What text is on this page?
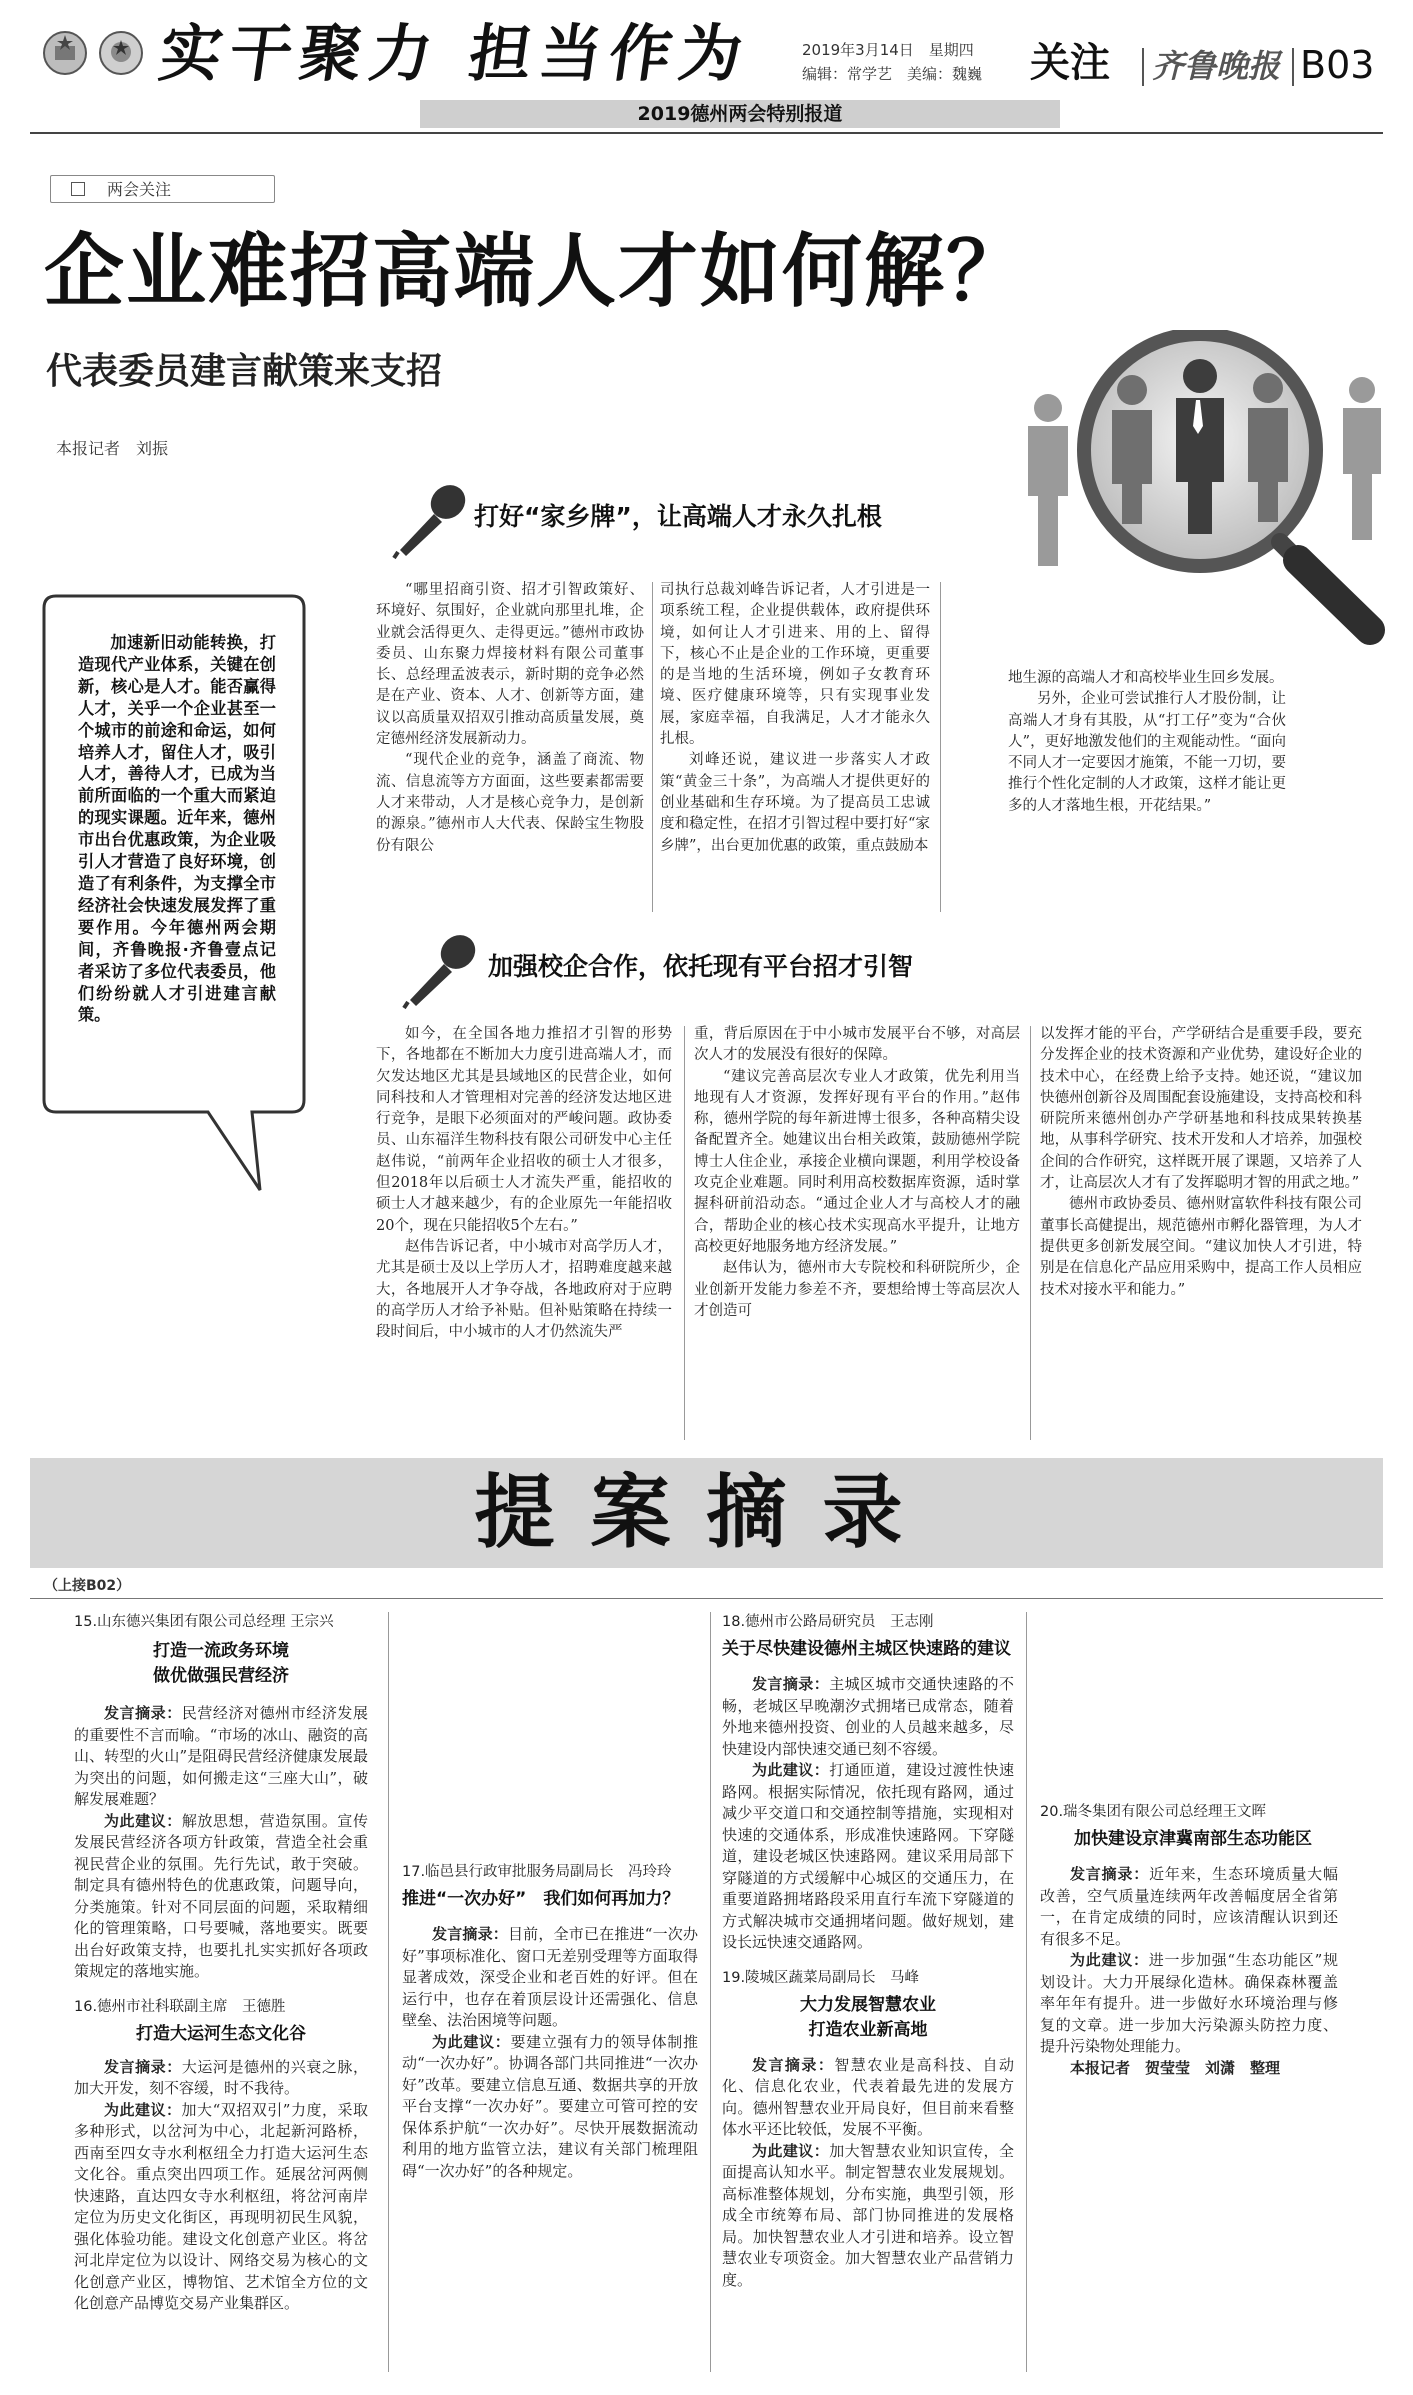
实干聚力 担当作为
2019德州两会特别报道
2019年3月14日　星期四
编辑：常学艺　美编：魏巍 关注 齐鲁晚报 B03
两会关注
企业难招高端人才如何解？
代表委员建言献策来支招
本报记者　刘振
加速新旧动能转换，打造现代产业体系，关键在创新，核心是人才。能否赢得人才，关乎一个企业甚至一个城市的前途和命运，如何培养人才，留住人才，吸引人才，善待人才，已成为当前所面临的一个重大而紧迫的现实课题。近年来，德州市出台优惠政策，为企业吸引人才营造了良好环境，创造了有利条件，为支撑全市经济社会快速发展发挥了重要作用。今年德州两会期间，齐鲁晚报·齐鲁壹点记者采访了多位代表委员，他们纷纷就人才引进建言献策。
打好“家乡牌”，让高端人才永久扎根

“哪里招商引资、招才引智政策好、环境好、氛围好，企业就向那里扎堆，企业就会活得更久、走得更远。”德州市政协委员、山东聚力焊接材料有限公司董事长、总经理孟波表示，新时期的竞争必然是在产业、资本、人才、创新等方面，建议以高质量双招双引推动高质量发展，奠定德州经济发展新动力。

“现代企业的竞争，涵盖了商流、物流、信息流等方方面面，这些要素都需要人才来带动，人才是核心竞争力，是创新的源泉。”德州市人大代表、保龄宝生物股份有限公

司执行总裁刘峰告诉记者，人才引进是一项系统工程，企业提供载体，政府提供环境，如何让人才引进来、用的上、留得下，核心不止是企业的工作环境，更重要的是当地的生活环境，例如子女教育环境、医疗健康环境等，只有实现事业发展，家庭幸福，自我满足，人才才能永久扎根。

刘峰还说，建议进一步落实人才政策“黄金三十条”，为高端人才提供更好的创业基础和生存环境。为了提高员工忠诚度和稳定性，在招才引智过程中要打好“家乡牌”，出台更加优惠的政策，重点鼓励本

地生源的高端人才和高校毕业生回乡发展。

另外，企业可尝试推行人才股份制，让高端人才身有其股，从“打工仔”变为“合伙人”，更好地激发他们的主观能动性。“面向不同人才一定要因才施策，不能一刀切，要推行个性化定制的人才政策，这样才能让更多的人才落地生根，开花结果。”

加强校企合作，依托现有平台招才引智

如今，在全国各地力推招才引智的形势下，各地都在不断加大力度引进高端人才，而欠发达地区尤其是县域地区的民营企业，如何同科技和人才管理相对完善的经济发达地区进行竞争，是眼下必须面对的严峻问题。政协委员、山东福洋生物科技有限公司研发中心主任赵伟说，“前两年企业招收的硕士人才很多，但2018年以后硕士人才流失严重，能招收的硕士人才越来越少，有的企业原先一年能招收20个，现在只能招收5个左右。”

赵伟告诉记者，中小城市对高学历人才，尤其是硕士及以上学历人才，招聘难度越来越大，各地展开人才争夺战，各地政府对于应聘的高学历人才给予补贴。但补贴策略在持续一段时间后，中小城市的人才仍然流失严

重，背后原因在于中小城市发展平台不够，对高层次人才的发展没有很好的保障。

“建议完善高层次专业人才政策，优先利用当地现有人才资源，发挥好现有平台的作用。”赵伟称，德州学院的每年新进博士很多，各种高精尖设备配置齐全。她建议出台相关政策，鼓励德州学院博士人住企业，承接企业横向课题，利用学校设备攻克企业难题。同时利用高校数据库资源，适时掌握科研前沿动态。“通过企业人才与高校人才的融合，帮助企业的核心技术实现高水平提升，让地方高校更好地服务地方经济发展。”

赵伟认为，德州市大专院校和科研院所少，企业创新开发能力参差不齐，要想给博士等高层次人才创造可

以发挥才能的平台，产学研结合是重要手段，要充分发挥企业的技术资源和产业优势，建设好企业的技术中心，在经费上给予支持。她还说，“建议加快德州创新谷及周围配套设施建设，支持高校和科研院所来德州创办产学研基地和科技成果转换基地，从事科学研究、技术开发和人才培养，加强校企间的合作研究，这样既开展了课题，又培养了人才，让高层次人才有了发挥聪明才智的用武之地。”

德州市政协委员、德州财富软件科技有限公司董事长高健提出，规范德州市孵化器管理，为人才提供更多创新发展空间。“建议加快人才引进，特别是在信息化产品应用采购中，提高工作人员相应技术对接水平和能力。”

提案摘录
（上接B02）
15.山东德兴集团有限公司总经理 王宗兴
打造一流政务环境
做优做强民营经济

发言摘录：民营经济对德州市经济发展的重要性不言而喻。“市场的冰山、融资的高山、转型的火山”是阻碍民营经济健康发展最为突出的问题，如何搬走这“三座大山”，破解发展难题？

为此建议：解放思想，营造氛围。宣传发展民营经济各项方针政策，营造全社会重视民营企业的氛围。先行先试，敢于突破。制定具有德州特色的优惠政策，问题导向，分类施策。针对不同层面的问题，采取精细化的管理策略，口号要喊，落地要实。既要出台好政策支持，也要扎扎实实抓好各项政策规定的落地实施。

16.德州市社科联副主席　王德胜
打造大运河生态文化谷

发言摘录：大运河是德州的兴衰之脉，加大开发，刻不容缓，时不我待。

为此建议：加大“双招双引”力度，采取多种形式，以岔河为中心，北起新河路桥，西南至四女寺水利枢纽全力打造大运河生态文化谷。重点突出四项工作。延展岔河两侧快速路，直达四女寺水利枢纽，将岔河南岸定位为历史文化街区，再现明初民生风貌，强化体验功能。建设文化创意产业区。将岔河北岸定位为以设计、网络交易为核心的文化创意产业区，博物馆、艺术馆全方位的文化创意产品博览交易产业集群区。

17.临邑县行政审批服务局副局长　冯玲玲
推进“一次办好”　我们如何再加力？

发言摘录：目前，全市已在推进“一次办好”事项标准化、窗口无差别受理等方面取得显著成效，深受企业和老百姓的好评。但在运行中，也存在着顶层设计还需强化、信息壁垒、法治困境等问题。

为此建议：要建立强有力的领导体制推动“一次办好”。协调各部门共同推进“一次办好”改革。要建立信息互通、数据共享的开放平台支撑“一次办好”。要建立可管可控的安保体系护航“一次办好”。尽快开展数据流动利用的地方监管立法，建议有关部门梳理阻碍“一次办好”的各种规定。

18.德州市公路局研究员　王志刚
关于尽快建设德州主城区快速路的建议

发言摘录：主城区城市交通快速路的不畅，老城区早晚潮汐式拥堵已成常态，随着外地来德州投资、创业的人员越来越多，尽快建设内部快速交通已刻不容缓。

为此建议：打通匝道，建设过渡性快速路网。根据实际情况，依托现有路网，通过减少平交道口和交通控制等措施，实现相对快速的交通体系，形成准快速路网。下穿隧道，建设老城区快速路网。建议采用局部下穿隧道的方式缓解中心城区的交通压力，在重要道路拥堵路段采用直行车流下穿隧道的方式解决城市交通拥堵问题。做好规划，建设长远快速交通路网。

19.陵城区蔬菜局副局长　马峰
大力发展智慧农业
打造农业新高地

发言摘录：智慧农业是高科技、自动化、信息化农业，代表着最先进的发展方向。德州智慧农业开局良好，但目前来看整体水平还比较低，发展不平衡。

为此建议：加大智慧农业知识宣传，全面提高认知水平。制定智慧农业发展规划。高标准整体规划，分布实施，典型引领，形成全市统筹布局、部门协同推进的发展格局。加快智慧农业人才引进和培养。设立智慧农业专项资金。加大智慧农业产品营销力度。

20.瑞冬集团有限公司总经理王文晖
加快建设京津冀南部生态功能区

发言摘录：近年来，生态环境质量大幅改善，空气质量连续两年改善幅度居全省第一，在肯定成绩的同时，应该清醒认识到还有很多不足。

为此建议：进一步加强“生态功能区”规划设计。大力开展绿化造林。确保森林覆盖率年年有提升。进一步做好水环境治理与修复的文章。进一步加大污染源头防控力度、提升污染物处理能力。

本报记者　贺莹莹　刘潇　整理
